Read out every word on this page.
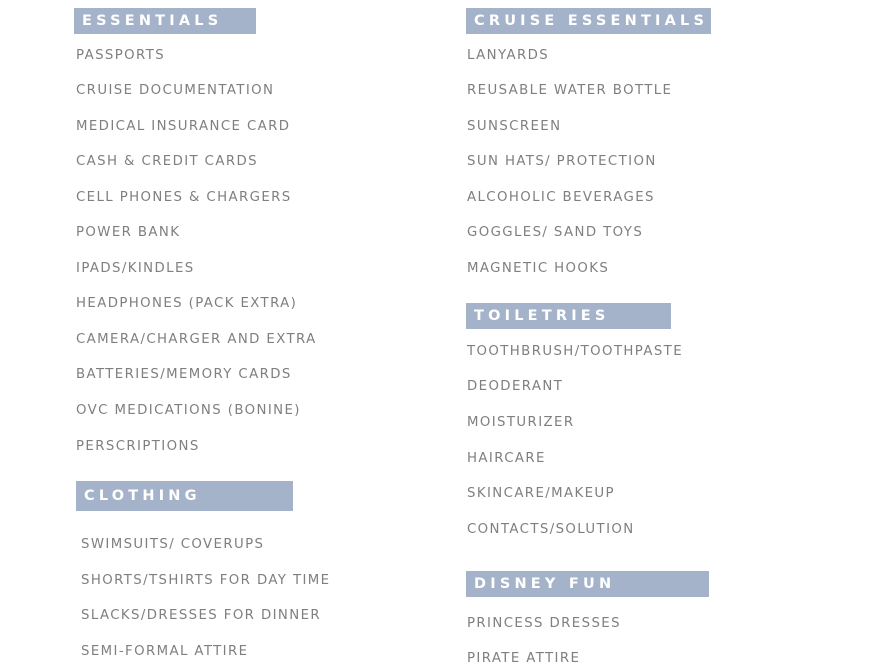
ESSENTIALS
PASSPORTS
CRUISE DOCUMENTATION
MEDICAL INSURANCE CARD
CASH & CREDIT CARDS
CELL PHONES & CHARGERS
POWER BANK
IPADS/KINDLES
HEADPHONES (PACK EXTRA)
CAMERA/CHARGER AND EXTRA
BATTERIES/MEMORY CARDS
OVC MEDICATIONS (BONINE)
PERSCRIPTIONS
CLOTHING
SWIMSUITS/ COVERUPS
SHORTS/TSHIRTS FOR DAY TIME
SLACKS/DRESSES FOR DINNER
SEMI-FORMAL ATTIRE
CRUISE ESSENTIALS
LANYARDS
REUSABLE WATER BOTTLE
SUNSCREEN
SUN HATS/ PROTECTION
ALCOHOLIC BEVERAGES
GOGGLES/ SAND TOYS
MAGNETIC HOOKS
TOILETRIES
TOOTHBRUSH/TOOTHPASTE
DEODERANT
MOISTURIZER
HAIRCARE
SKINCARE/MAKEUP
CONTACTS/SOLUTION
DISNEY FUN
PRINCESS DRESSES
PIRATE ATTIRE
